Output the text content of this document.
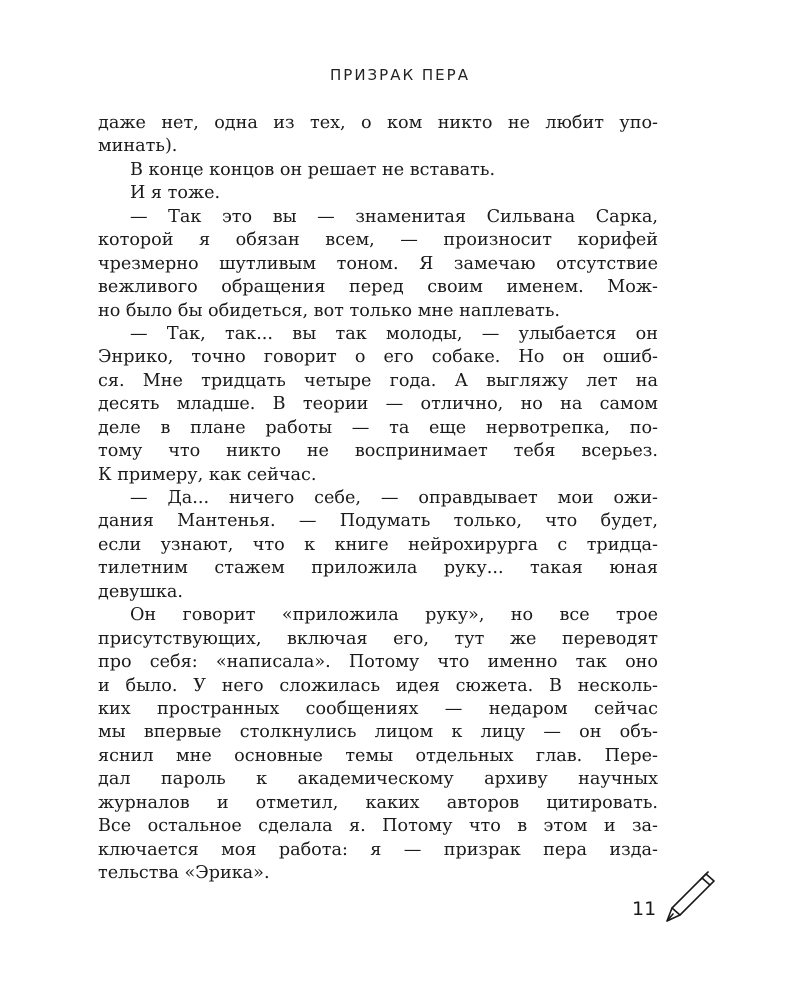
ПРИЗРАК ПЕРА
даже нет, одна из тех, о ком никто не любит упо-
минать).
В конце концов он решает не вставать.
И я тоже.
— Так это вы — знаменитая Сильвана Сарка,
которой я обязан всем, — произносит корифей
чрезмерно шутливым тоном. Я замечаю отсутствие
вежливого обращения перед своим именем. Мож-
но было бы обидеться, вот только мне наплевать.
— Так, так... вы так молоды, — улыбается он
Энрико, точно говорит о его собаке. Но он ошиб-
ся. Мне тридцать четыре года. А выгляжу лет на
десять младше. В теории — отлично, но на самом
деле в плане работы — та еще нервотрепка, по-
тому что никто не воспринимает тебя всерьез.
К примеру, как сейчас.
— Да... ничего себе, — оправдывает мои ожи-
дания Мантенья. — Подумать только, что будет,
если узнают, что к книге нейрохирурга с тридца-
тилетним стажем приложила руку... такая юная
девушка.
Он говорит «приложила руку», но все трое
присутствующих, включая его, тут же переводят
про себя: «написала». Потому что именно так оно
и было. У него сложилась идея сюжета. В несколь-
ких пространных сообщениях — недаром сейчас
мы впервые столкнулись лицом к лицу — он объ-
яснил мне основные темы отдельных глав. Пере-
дал пароль к академическому архиву научных
журналов и отметил, каких авторов цитировать.
Все остальное сделала я. Потому что в этом и за-
ключается моя работа: я — призрак пера изда-
тельства «Эрика».
11
